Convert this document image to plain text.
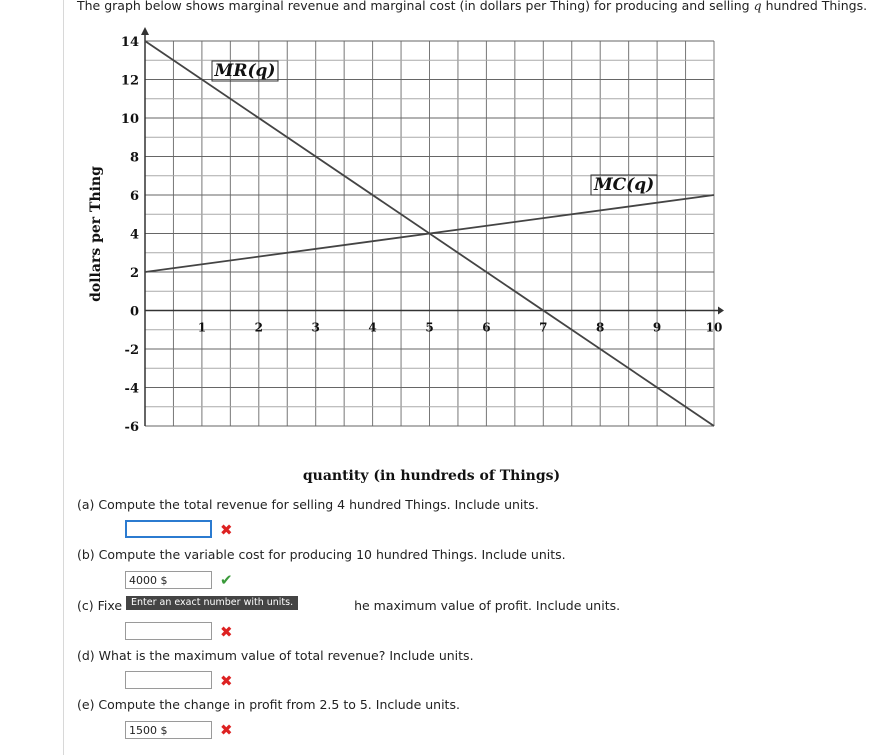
The graph below shows marginal revenue and marginal cost (in dollars per Thing) for producing and selling q hundred Things.
14
12
10
8
6
4
2
0
-2
-4
-6
1	2	3	4	5	6	7	8	9	10
MR(q)
MC(q)
quantity (in hundreds of Things)
dollars per Thing
(a) Compute the total revenue for selling 4 hundred Things. Include units.
✖
(b) Compute the variable cost for producing 10 hundred Things. Include units.
4000 $	✔
(c) Fixe	he maximum value of profit. Include units.
Enter an exact number with units.
✖
(d) What is the maximum value of total revenue? Include units.
✖
(e) Compute the change in profit from 2.5 to 5. Include units.
1500 $	✖
